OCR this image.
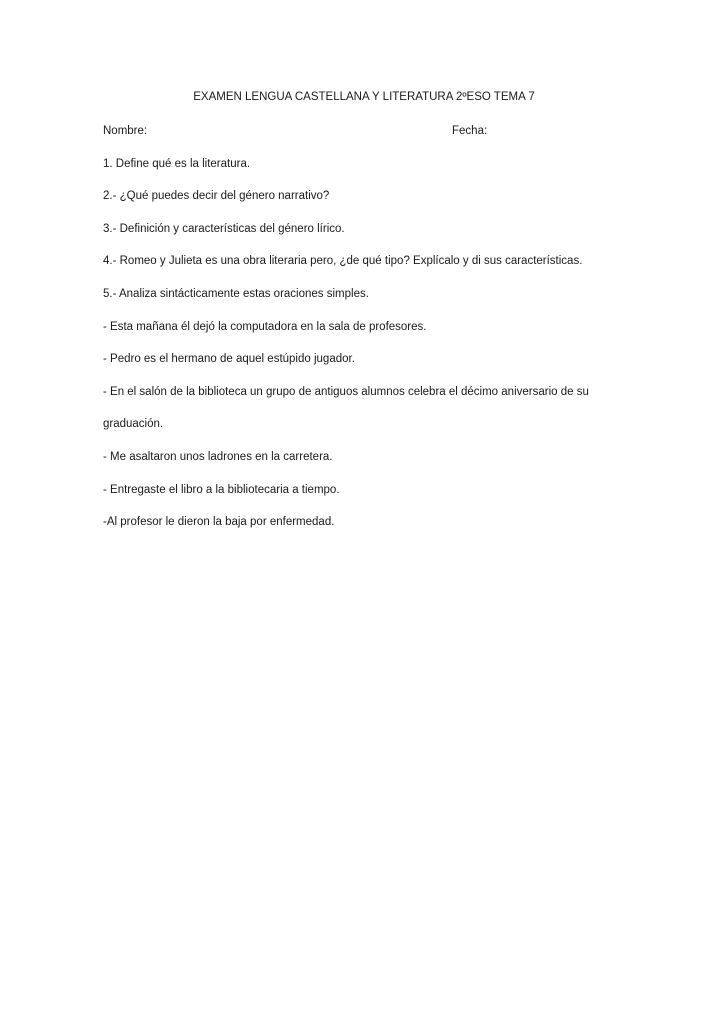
EXAMEN LENGUA CASTELLANA Y LITERATURA 2ºESO TEMA 7
Nombre:	Fecha:
1. Define qué es la literatura.
2.- ¿Qué puedes decir del género narrativo?
3.- Definición y características del género lírico.
4.- Romeo y Julieta es una obra literaria pero, ¿de qué tipo? Explícalo y di sus características.
5.- Analiza sintácticamente estas oraciones simples.
- Esta mañana él dejó la computadora en la sala de profesores.
- Pedro es el hermano de aquel estúpido jugador.
- En el salón de la biblioteca un grupo de antiguos alumnos celebra el décimo aniversario de su
graduación.
- Me asaltaron unos ladrones en la carretera.
- Entregaste el libro a la bibliotecaria a tiempo.
-Al profesor le dieron la baja por enfermedad.
